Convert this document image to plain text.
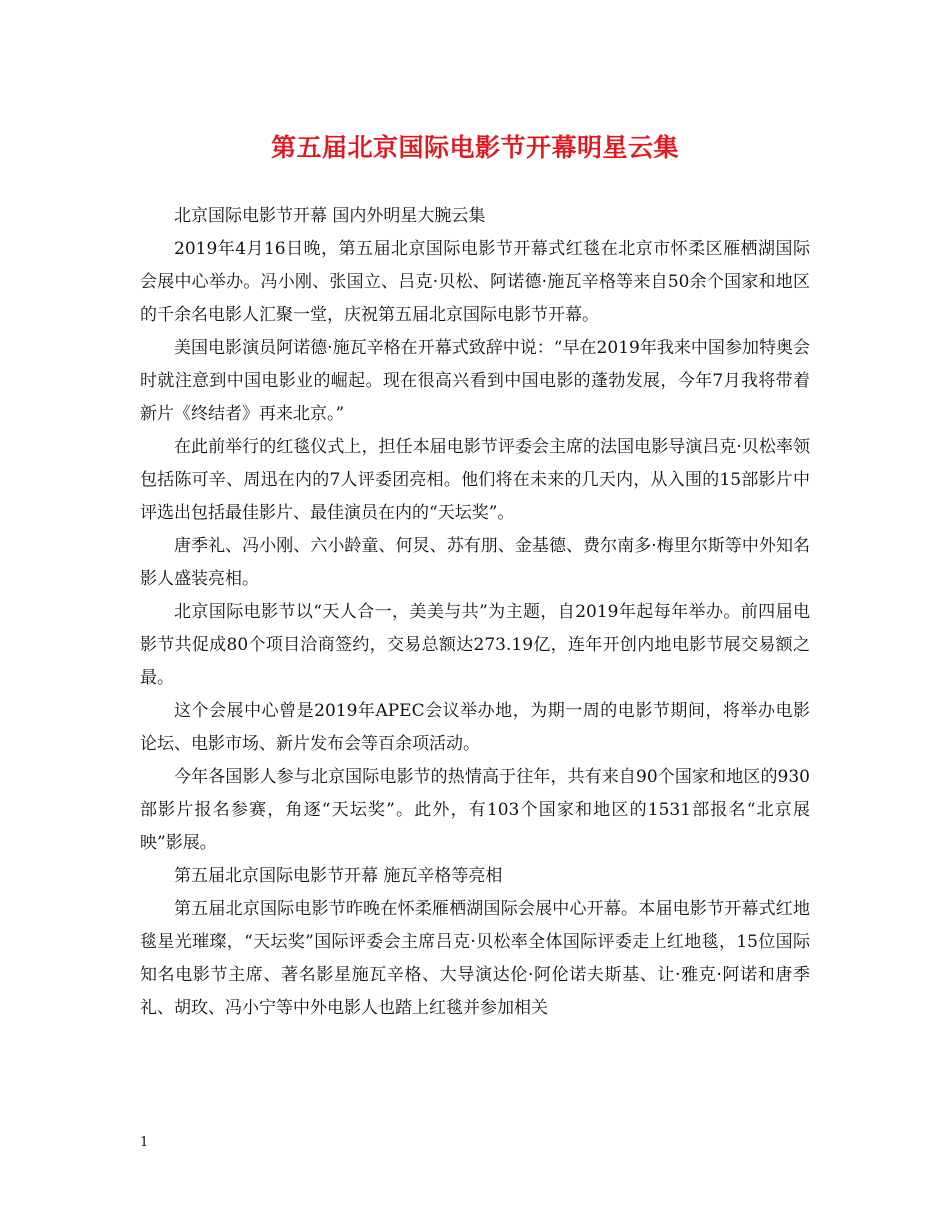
第五届北京国际电影节开幕明星云集

北京国际电影节开幕 国内外明星大腕云集

2019年4月16日晚，第五届北京国际电影节开幕式红毯在北京市怀柔区雁栖湖国际会展中心举办。冯小刚、张国立、吕克·贝松、阿诺德·施瓦辛格等来自50余个国家和地区的千余名电影人汇聚一堂，庆祝第五届北京国际电影节开幕。

美国电影演员阿诺德·施瓦辛格在开幕式致辞中说：“早在2019年我来中国参加特奥会时就注意到中国电影业的崛起。现在很高兴看到中国电影的蓬勃发展，今年7月我将带着新片《终结者》再来北京。”

在此前举行的红毯仪式上，担任本届电影节评委会主席的法国电影导演吕克·贝松率领包括陈可辛、周迅在内的7人评委团亮相。他们将在未来的几天内，从入围的15部影片中评选出包括最佳影片、最佳演员在内的“天坛奖”。

唐季礼、冯小刚、六小龄童、何炅、苏有朋、金基德、费尔南多·梅里尔斯等中外知名影人盛装亮相。

北京国际电影节以“天人合一，美美与共”为主题，自2019年起每年举办。前四届电影节共促成80个项目洽商签约，交易总额达273.19亿，连年开创内地电影节展交易额之最。

这个会展中心曾是2019年APEC会议举办地，为期一周的电影节期间，将举办电影论坛、电影市场、新片发布会等百余项活动。

今年各国影人参与北京国际电影节的热情高于往年，共有来自90个国家和地区的930部影片报名参赛，角逐“天坛奖”。此外，有103个国家和地区的1531部报名“北京展映”影展。

第五届北京国际电影节开幕 施瓦辛格等亮相

第五届北京国际电影节昨晚在怀柔雁栖湖国际会展中心开幕。本届电影节开幕式红地毯星光璀璨，“天坛奖”国际评委会主席吕克·贝松率全体国际评委走上红地毯，15位国际知名电影节主席、著名影星施瓦辛格、大导演达伦·阿伦诺夫斯基、让·雅克·阿诺和唐季礼、胡玫、冯小宁等中外电影人也踏上红毯并参加相关

1
